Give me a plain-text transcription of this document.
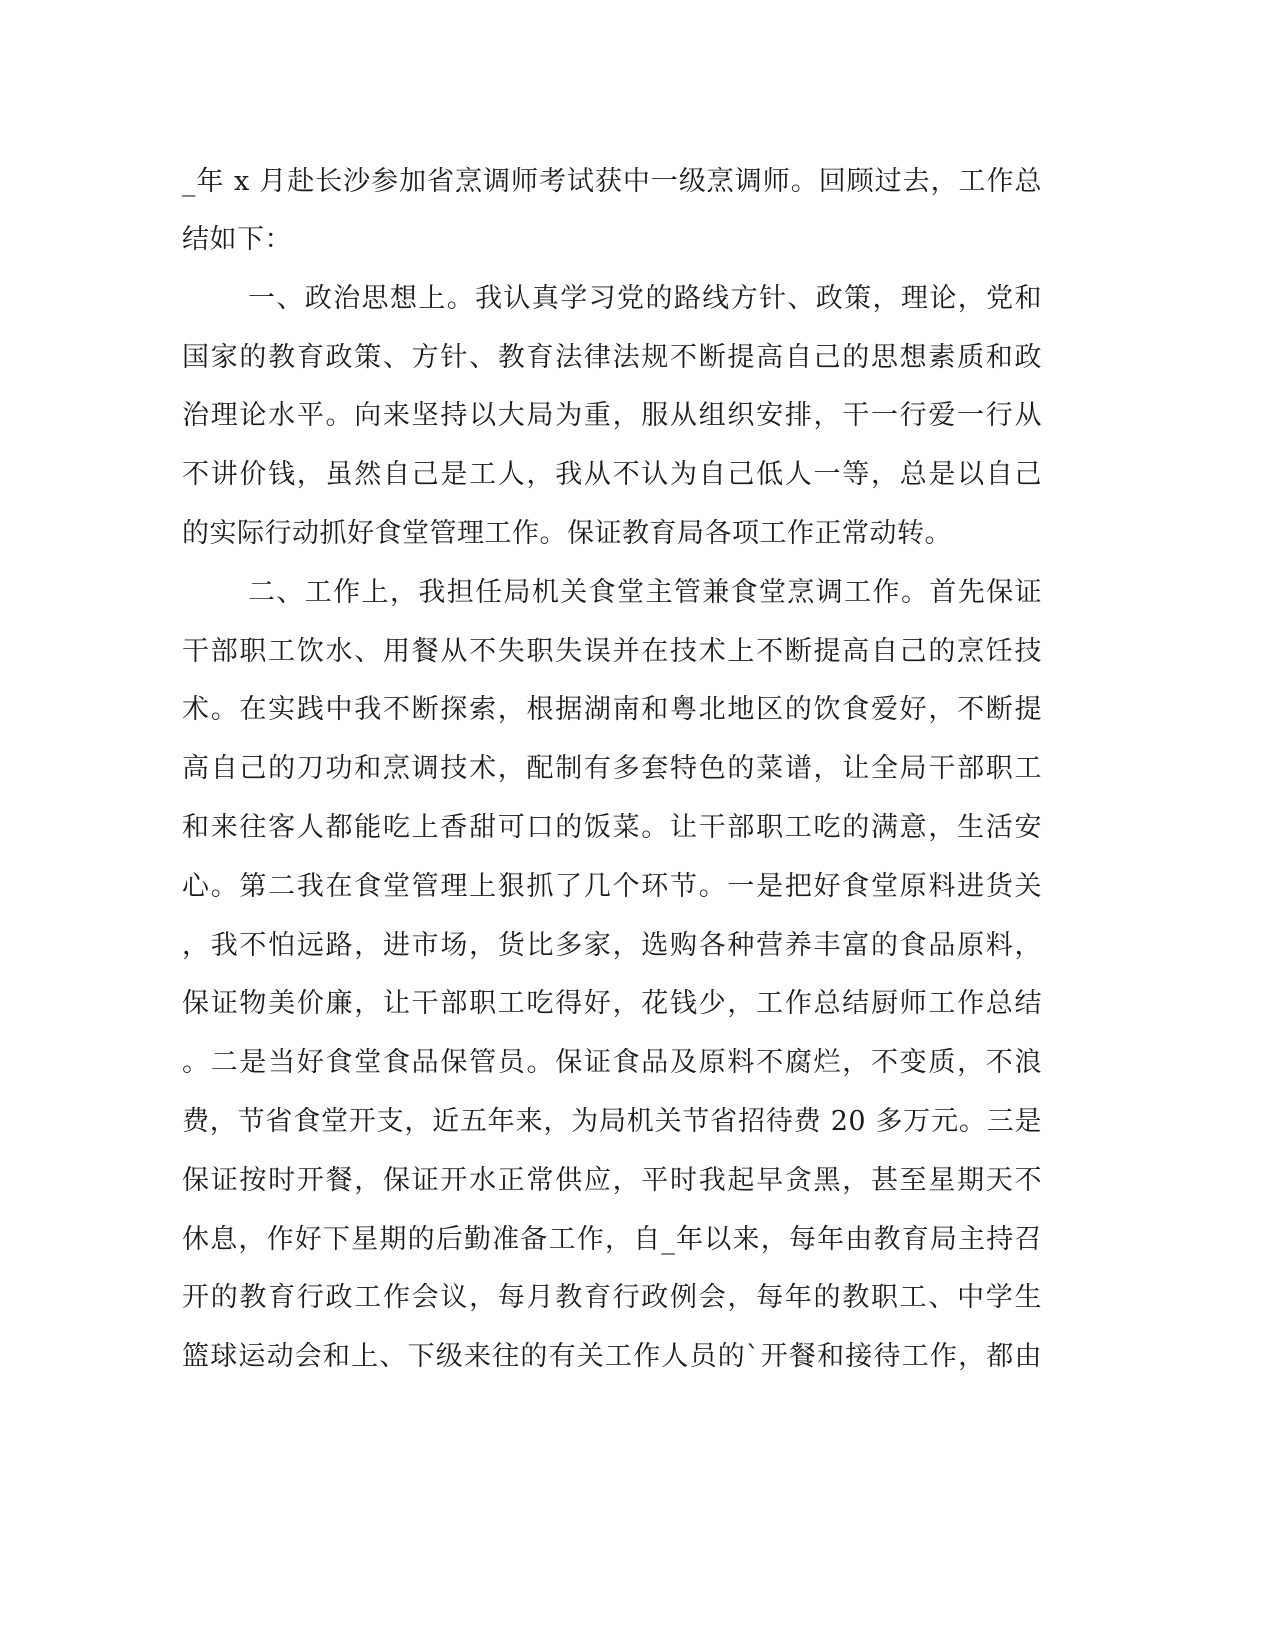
_年 x 月赴长沙参加省烹调师考试获中一级烹调师。回顾过去，工作总
结如下：
一、政治思想上。我认真学习党的路线方针、政策，理论，党和
国家的教育政策、方针、教育法律法规不断提高自己的思想素质和政
治理论水平。向来坚持以大局为重，服从组织安排，干一行爱一行从
不讲价钱，虽然自己是工人，我从不认为自己低人一等，总是以自己
的实际行动抓好食堂管理工作。保证教育局各项工作正常动转。
二、工作上，我担任局机关食堂主管兼食堂烹调工作。首先保证
干部职工饮水、用餐从不失职失误并在技术上不断提高自己的烹饪技
术。在实践中我不断探索，根据湖南和粤北地区的饮食爱好，不断提
高自己的刀功和烹调技术，配制有多套特色的菜谱，让全局干部职工
和来往客人都能吃上香甜可口的饭菜。让干部职工吃的满意，生活安
心。第二我在食堂管理上狠抓了几个环节。一是把好食堂原料进货关
，我不怕远路，进市场，货比多家，选购各种营养丰富的食品原料，
保证物美价廉，让干部职工吃得好，花钱少，工作总结厨师工作总结
。二是当好食堂食品保管员。保证食品及原料不腐烂，不变质，不浪
费，节省食堂开支，近五年来，为局机关节省招待费 20 多万元。三是
保证按时开餐，保证开水正常供应，平时我起早贪黑，甚至星期天不
休息，作好下星期的后勤准备工作，自_年以来，每年由教育局主持召
开的教育行政工作会议，每月教育行政例会，每年的教职工、中学生
篮球运动会和上、下级来往的有关工作人员的`开餐和接待工作，都由
